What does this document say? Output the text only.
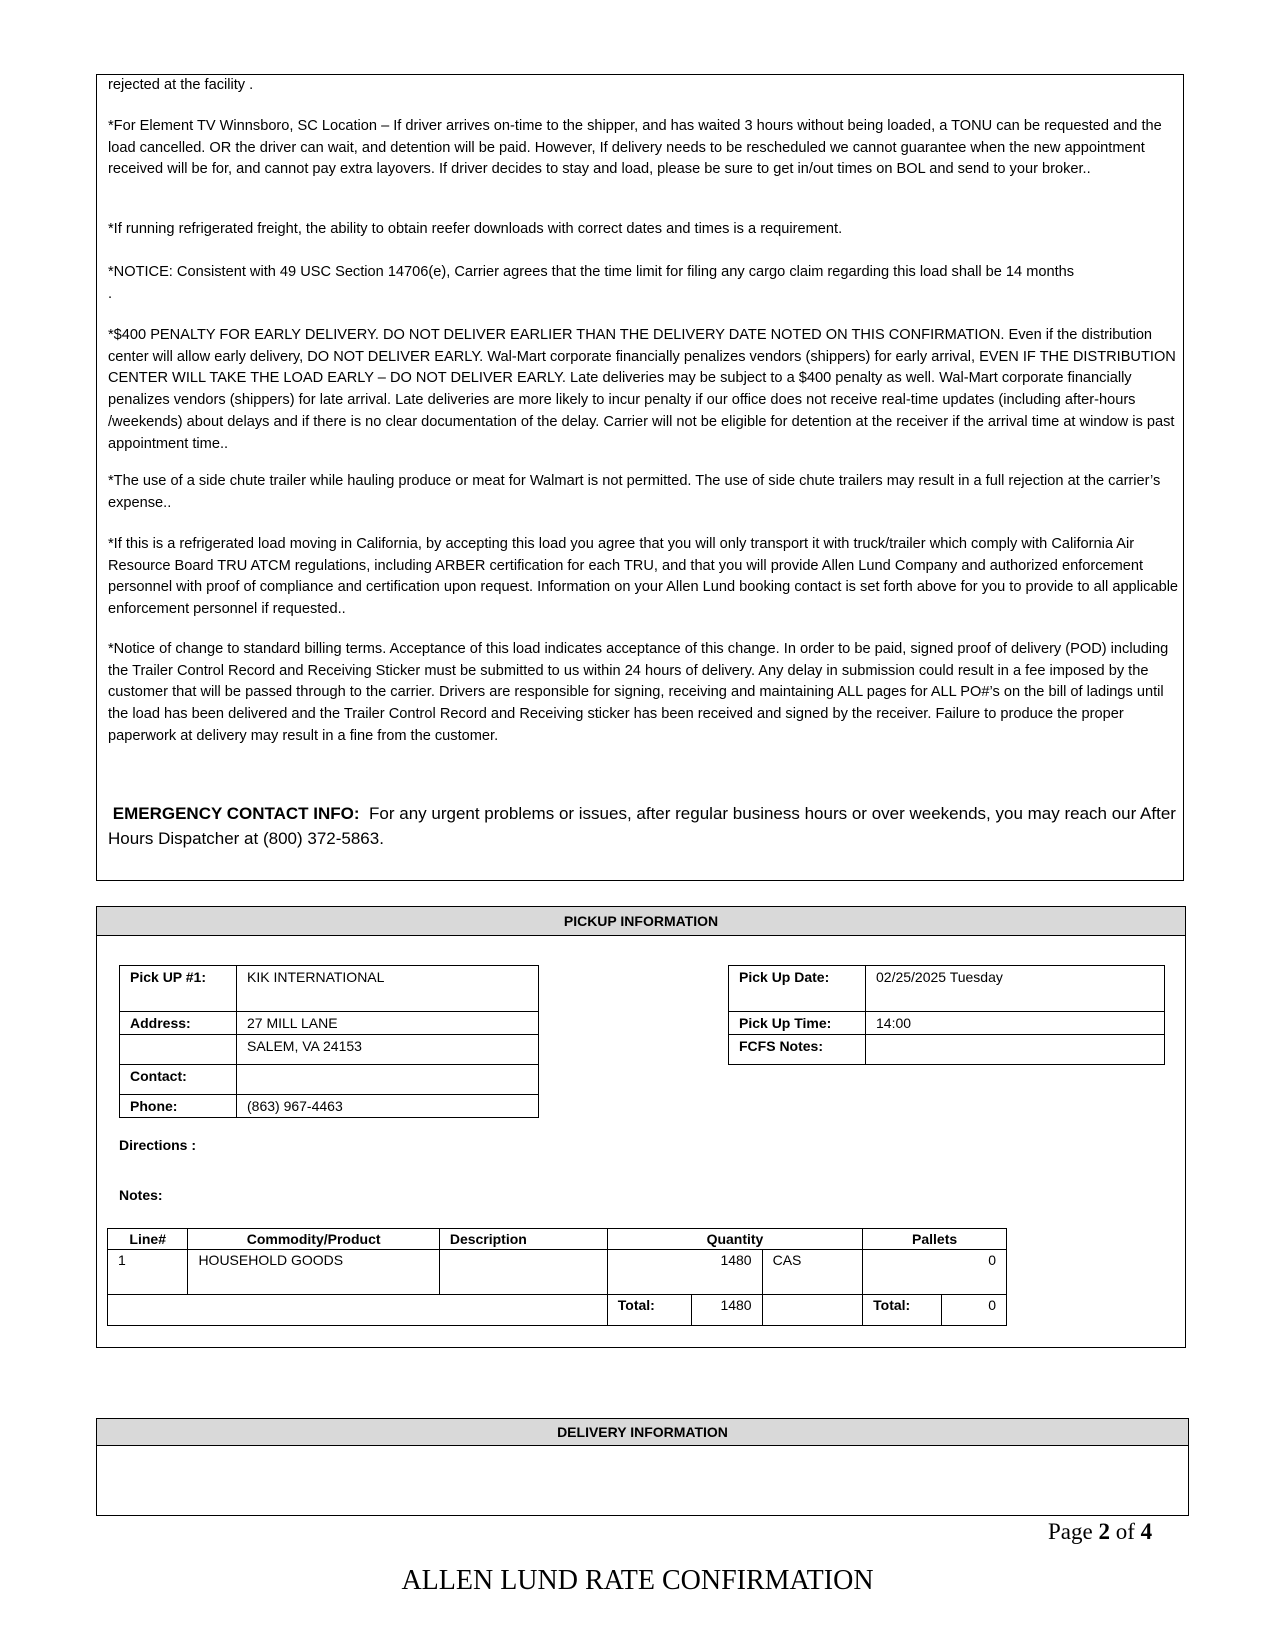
rejected at the facility .

*For Element TV Winnsboro, SC Location – If driver arrives on-time to the shipper, and has waited 3 hours without being loaded, a TONU can be requested and the load cancelled. OR the driver can wait, and detention will be paid. However, If delivery needs to be rescheduled we cannot guarantee when the new appointment received will be for, and cannot pay extra layovers. If driver decides to stay and load, please be sure to get in/out times on BOL and send to your broker..

*If running refrigerated freight, the ability to obtain reefer downloads with correct dates and times is a requirement.

*NOTICE: Consistent with 49 USC Section 14706(e), Carrier agrees that the time limit for filing any cargo claim regarding this load shall be 14 months
.

*$400 PENALTY FOR EARLY DELIVERY. DO NOT DELIVER EARLIER THAN THE DELIVERY DATE NOTED ON THIS CONFIRMATION. Even if the distribution center will allow early delivery, DO NOT DELIVER EARLY. Wal-Mart corporate financially penalizes vendors (shippers) for early arrival, EVEN IF THE DISTRIBUTION CENTER WILL TAKE THE LOAD EARLY – DO NOT DELIVER EARLY. Late deliveries may be subject to a $400 penalty as well. Wal-Mart corporate financially penalizes vendors (shippers) for late arrival. Late deliveries are more likely to incur penalty if our office does not receive real-time updates (including after-hours /weekends) about delays and if there is no clear documentation of the delay. Carrier will not be eligible for detention at the receiver if the arrival time at window is past appointment time..

*The use of a side chute trailer while hauling produce or meat for Walmart is not permitted. The use of side chute trailers may result in a full rejection at the carrier’s expense..

*If this is a refrigerated load moving in California, by accepting this load you agree that you will only transport it with truck/trailer which comply with California Air Resource Board TRU ATCM regulations, including ARBER certification for each TRU, and that you will provide Allen Lund Company and authorized enforcement personnel with proof of compliance and certification upon request. Information on your Allen Lund booking contact is set forth above for you to provide to all applicable enforcement personnel if requested..

*Notice of change to standard billing terms. Acceptance of this load indicates acceptance of this change. In order to be paid, signed proof of delivery (POD) including the Trailer Control Record and Receiving Sticker must be submitted to us within 24 hours of delivery. Any delay in submission could result in a fee imposed by the customer that will be passed through to the carrier. Drivers are responsible for signing, receiving and maintaining ALL pages for ALL PO#’s on the bill of ladings until the load has been delivered and the Trailer Control Record and Receiving sticker has been received and signed by the receiver. Failure to produce the proper paperwork at delivery may result in a fine from the customer.

EMERGENCY CONTACT INFO: For any urgent problems or issues, after regular business hours or over weekends, you may reach our After Hours Dispatcher at (800) 372-5863.

PICKUP INFORMATION
Pick UP #1:	KIK INTERNATIONAL
Address:	27 MILL LANE
	SALEM, VA 24153
Contact:	
Phone:	(863) 967-4463
Pick Up Date:	02/25/2025 Tuesday
Pick Up Time:	14:00
FCFS Notes:	
Directions :
Notes:
Line#	Commodity/Product	Description	Quantity			Pallets	
1	HOUSEHOLD GOODS		1480		CAS	0	
			Total:	1480		Total:	0
DELIVERY INFORMATION
Page 2 of 4
ALLEN LUND RATE CONFIRMATION
